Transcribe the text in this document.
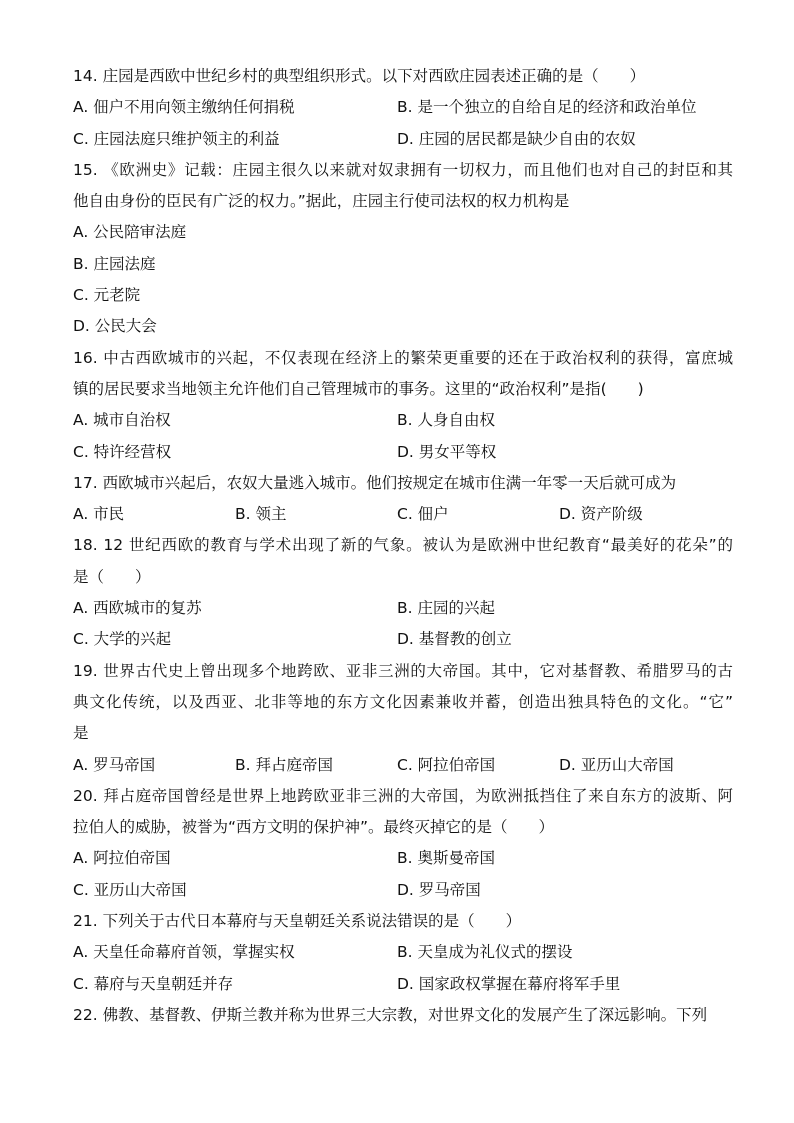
14. 庄园是西欧中世纪乡村的典型组织形式。以下对西欧庄园表述正确的是（　　）
A. 佃户不用向领主缴纳任何捐税	B. 是一个独立的自给自足的经济和政治单位
C. 庄园法庭只维护领主的利益	D. 庄园的居民都是缺少自由的农奴
15. 《欧洲史》记载：庄园主很久以来就对奴隶拥有一切权力，而且他们也对自己的封臣和其
他自由身份的臣民有广泛的权力。”据此，庄园主行使司法权的权力机构是
A. 公民陪审法庭
B. 庄园法庭
C. 元老院
D. 公民大会
16. 中古西欧城市的兴起，不仅表现在经济上的繁荣更重要的还在于政治权利的获得，富庶城
镇的居民要求当地领主允许他们自己管理城市的事务。这里的“政治权利”是指(　　)
A. 城市自治权	B. 人身自由权
C. 特许经营权	D. 男女平等权
17. 西欧城市兴起后，农奴大量逃入城市。他们按规定在城市住满一年零一天后就可成为
A. 市民	B. 领主	C. 佃户	D. 资产阶级
18. 12 世纪西欧的教育与学术出现了新的气象。被认为是欧洲中世纪教育“最美好的花朵”的
是（　　）
A. 西欧城市的复苏	B. 庄园的兴起
C. 大学的兴起	D. 基督教的创立
19. 世界古代史上曾出现多个地跨欧、亚非三洲的大帝国。其中，它对基督教、希腊罗马的古
典文化传统，以及西亚、北非等地的东方文化因素兼收并蓄，创造出独具特色的文化。“它”
是
A. 罗马帝国	B. 拜占庭帝国	C. 阿拉伯帝国	D. 亚历山大帝国
20. 拜占庭帝国曾经是世界上地跨欧亚非三洲的大帝国，为欧洲抵挡住了来自东方的波斯、阿
拉伯人的威胁，被誉为“西方文明的保护神”。最终灭掉它的是（　　）
A. 阿拉伯帝国	B. 奥斯曼帝国
C. 亚历山大帝国	D. 罗马帝国
21. 下列关于古代日本幕府与天皇朝廷关系说法错误的是（　　）
A. 天皇任命幕府首领，掌握实权	B. 天皇成为礼仪式的摆设
C. 幕府与天皇朝廷并存	D. 国家政权掌握在幕府将军手里
22. 佛教、基督教、伊斯兰教并称为世界三大宗教，对世界文化的发展产生了深远影响。下列
